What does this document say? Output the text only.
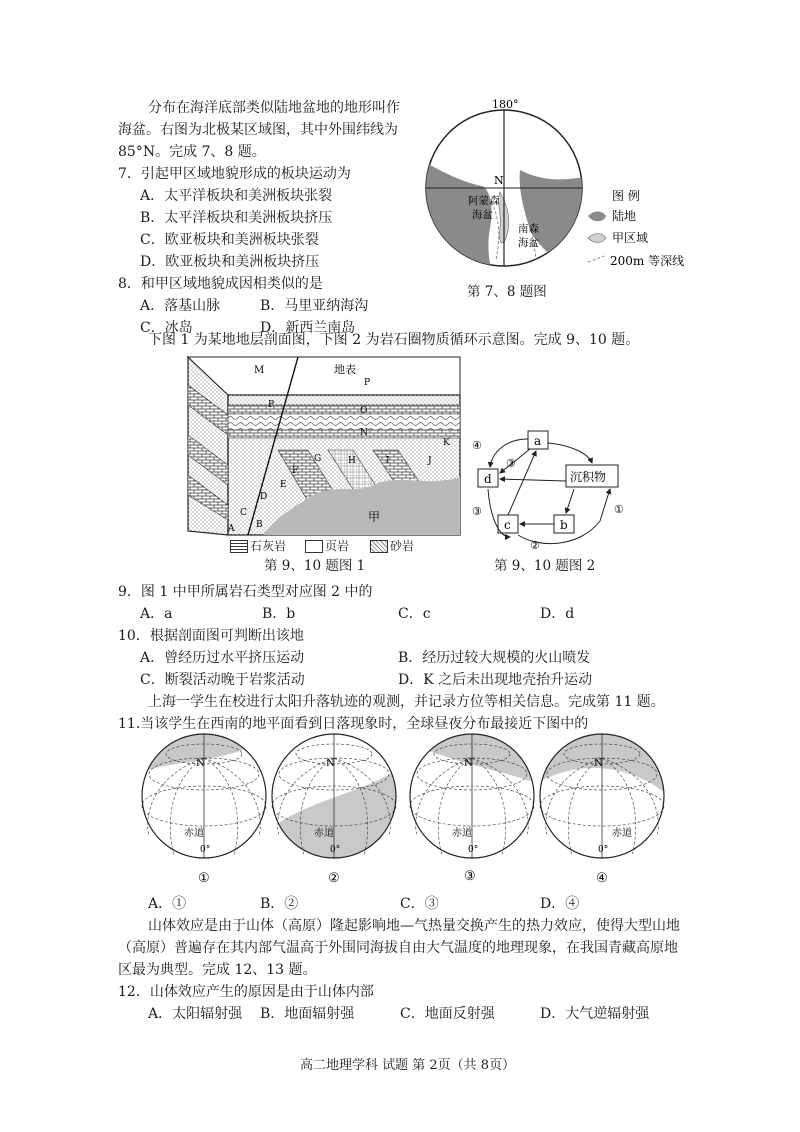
分布在海洋底部类似陆地盆地的地形叫作
海盆。右图为北极某区域图，其中外围纬线为
85°N。完成 7、8 题。
7．引起甲区域地貌形成的板块运动为
A．太平洋板块和美洲板块张裂
B．太平洋板块和美洲板块挤压
C．欧亚板块和美洲板块张裂
D．欧亚板块和美洲板块挤压
8．和甲区域地貌成因相类似的是
A．落基山脉	B．马里亚纳海沟
C．冰岛	D．新西兰南岛
180°
N
阿蒙森
海盆
南森
海盆
图 例
陆地
甲区域
200m 等深线
第 7、8 题图
下图 1 为某地地层剖面图，下图 2 为岩石圈物质循环示意图。完成 9、10 题。
M	地表
P
P
O
N
K
J
I
H
G
F
E
D
C
B
A
甲
石灰岩	页岩	砂岩
第 9、10 题图 1
a
d	沉积物
c	b
④
③
③
②
①
第 9、10 题图 2
9．图 1 中甲所属岩石类型对应图 2 中的
A．a	B．b	C．c	D．d
10．根据剖面图可判断出该地
A．曾经历过水平挤压运动	B．经历过较大规模的火山喷发
C．断裂活动晚于岩浆活动	D．K 之后未出现地壳抬升运动
上海一学生在校进行太阳升落轨迹的观测，并记录方位等相关信息。完成第 11 题。
11.当该学生在西南的地平面看到日落现象时，全球昼夜分布最接近下图中的
N	N	N	N
赤道	赤道	赤道	赤道
0°	0°	0°	0°
①	②	③	④
A．①	B．②	C．③	D．④
山体效应是由于山体（高原）隆起影响地—气热量交换产生的热力效应，使得大型山地
（高原）普遍存在其内部气温高于外围同海拔自由大气温度的地理现象，在我国青藏高原地
区最为典型。完成 12、13 题。
12．山体效应产生的原因是由于山体内部
A．太阳辐射强 B．地面辐射强	C．地面反射强	D．大气逆辐射强
高二地理学科 试题 第 2页（共 8页）
